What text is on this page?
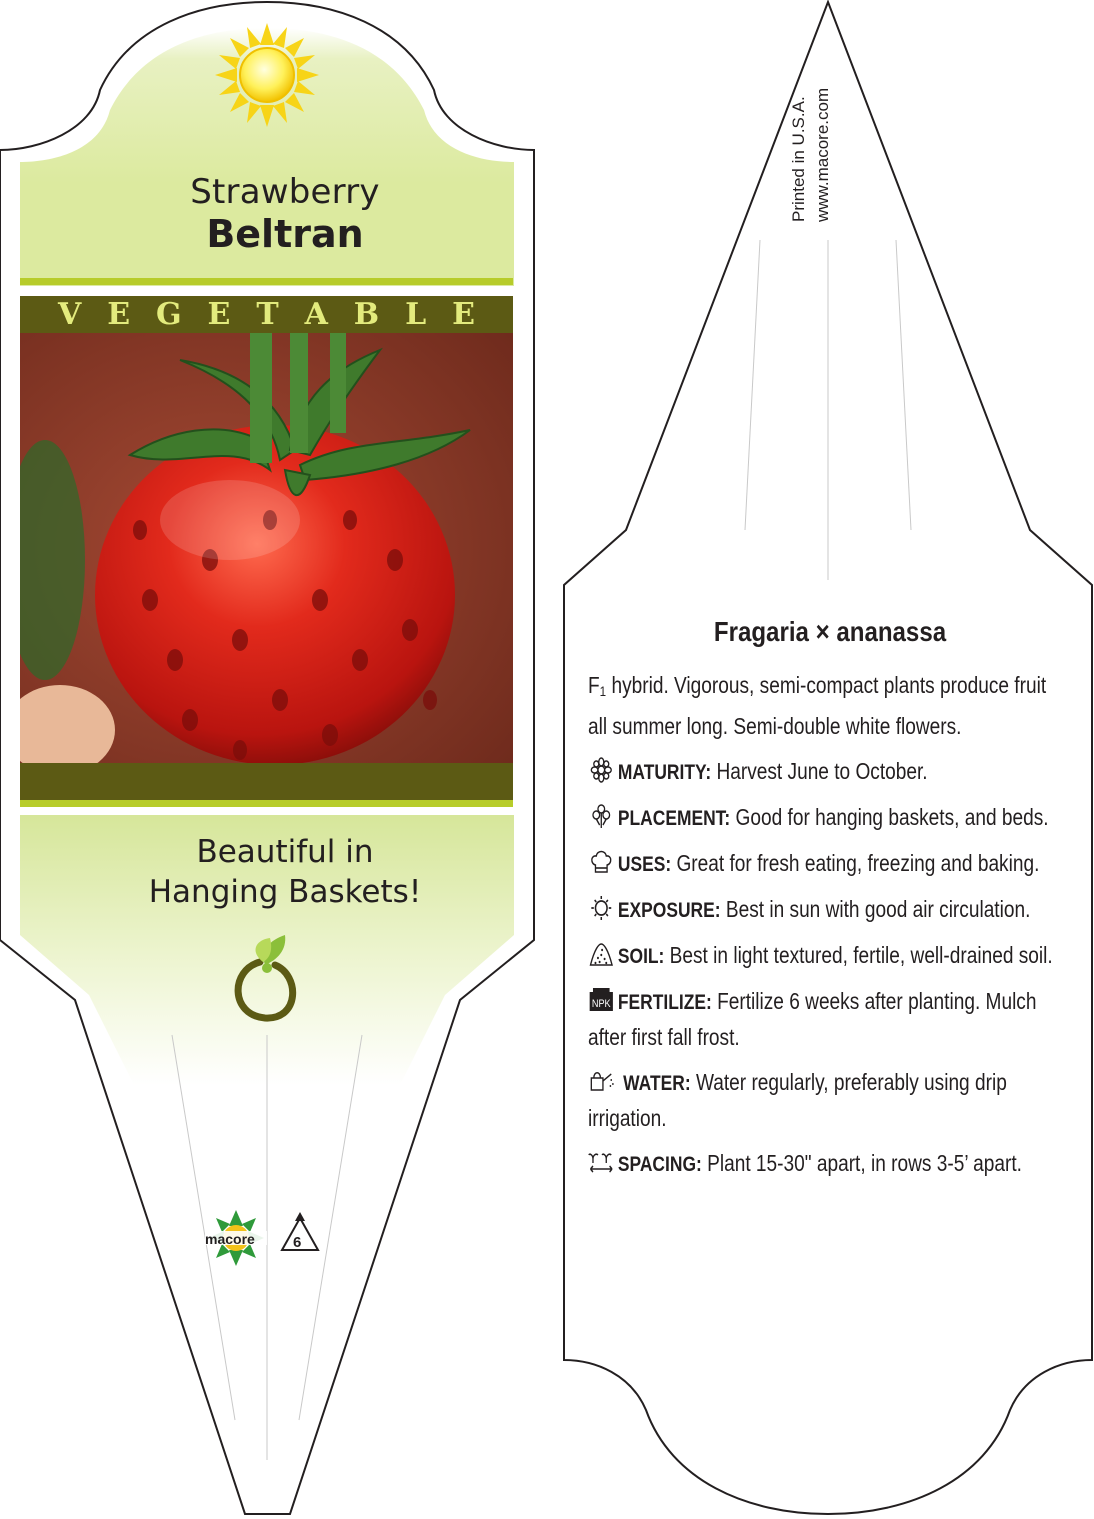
Strawberry
Beltran
V E G E T A B L E
Beautiful in
Hanging Baskets!
macore	6
Printed in U.S.A. www.macore.com
Fragaria × ananassa

F1 hybrid. Vigorous, semi-compact plants produce fruit all summer long. Semi-double white flowers.

MATURITY: Harvest June to October.

PLACEMENT: Good for hanging baskets, and beds.

USES: Great for fresh eating, freezing and baking.

EXPOSURE: Best in sun with good air circulation.

SOIL: Best in light textured, fertile, well-drained soil.

NPK FERTILIZE: Fertilize 6 weeks after planting. Mulch after first fall frost.

WATER: Water regularly, preferably using drip irrigation.

SPACING: Plant 15-30" apart, in rows 3-5’ apart.
